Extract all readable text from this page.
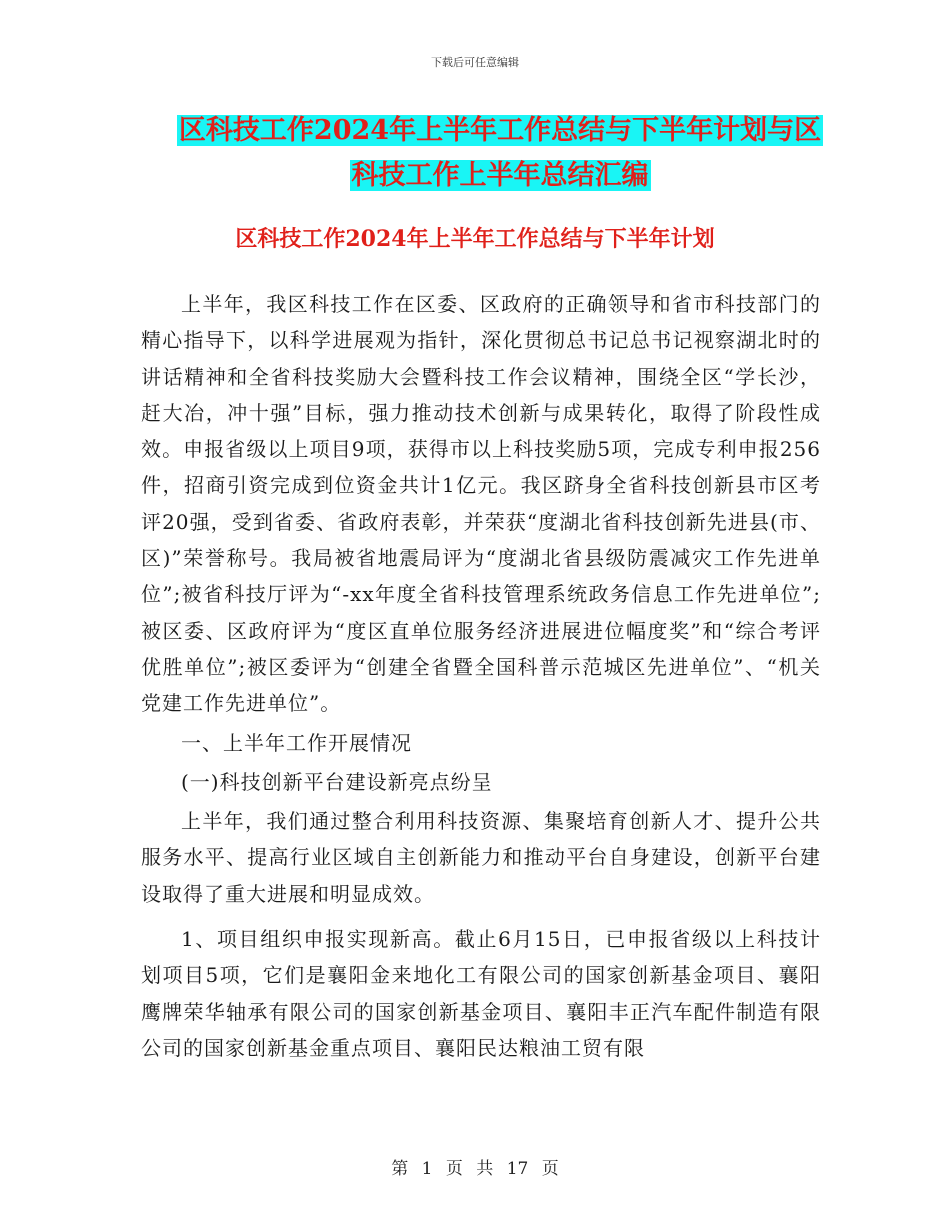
下载后可任意编辑
区科技工作2024年上半年工作总结与下半年计划与区
科技工作上半年总结汇编
区科技工作2024年上半年工作总结与下半年计划

上半年，我区科技工作在区委、区政府的正确领导和省市科技部门的精心指导下，以科学进展观为指针，深化贯彻总书记总书记视察湖北时的讲话精神和全省科技奖励大会暨科技工作会议精神，围绕全区“学长沙，赶大冶，冲十强”目标，强力推动技术创新与成果转化，取得了阶段性成效。申报省级以上项目9项，获得市以上科技奖励5项，完成专利申报256件，招商引资完成到位资金共计1亿元。我区跻身全省科技创新县市区考评20强，受到省委、省政府表彰，并荣获“度湖北省科技创新先进县(市、区)”荣誉称号。我局被省地震局评为“度湖北省县级防震减灾工作先进单位”;被省科技厅评为“-xx年度全省科技管理系统政务信息工作先进单位”;被区委、区政府评为“度区直单位服务经济进展进位幅度奖”和“综合考评优胜单位”;被区委评为“创建全省暨全国科普示范城区先进单位”、“机关党建工作先进单位”。

一、上半年工作开展情况

(一)科技创新平台建设新亮点纷呈

上半年，我们通过整合利用科技资源、集聚培育创新人才、提升公共服务水平、提高行业区域自主创新能力和推动平台自身建设，创新平台建设取得了重大进展和明显成效。

1、项目组织申报实现新高。截止6月15日，已申报省级以上科技计划项目5项，它们是襄阳金来地化工有限公司的国家创新基金项目、襄阳鹰牌荣华轴承有限公司的国家创新基金项目、襄阳丰正汽车配件制造有限公司的国家创新基金重点项目、襄阳民达粮油工贸有限

第 1 页 共 17 页
